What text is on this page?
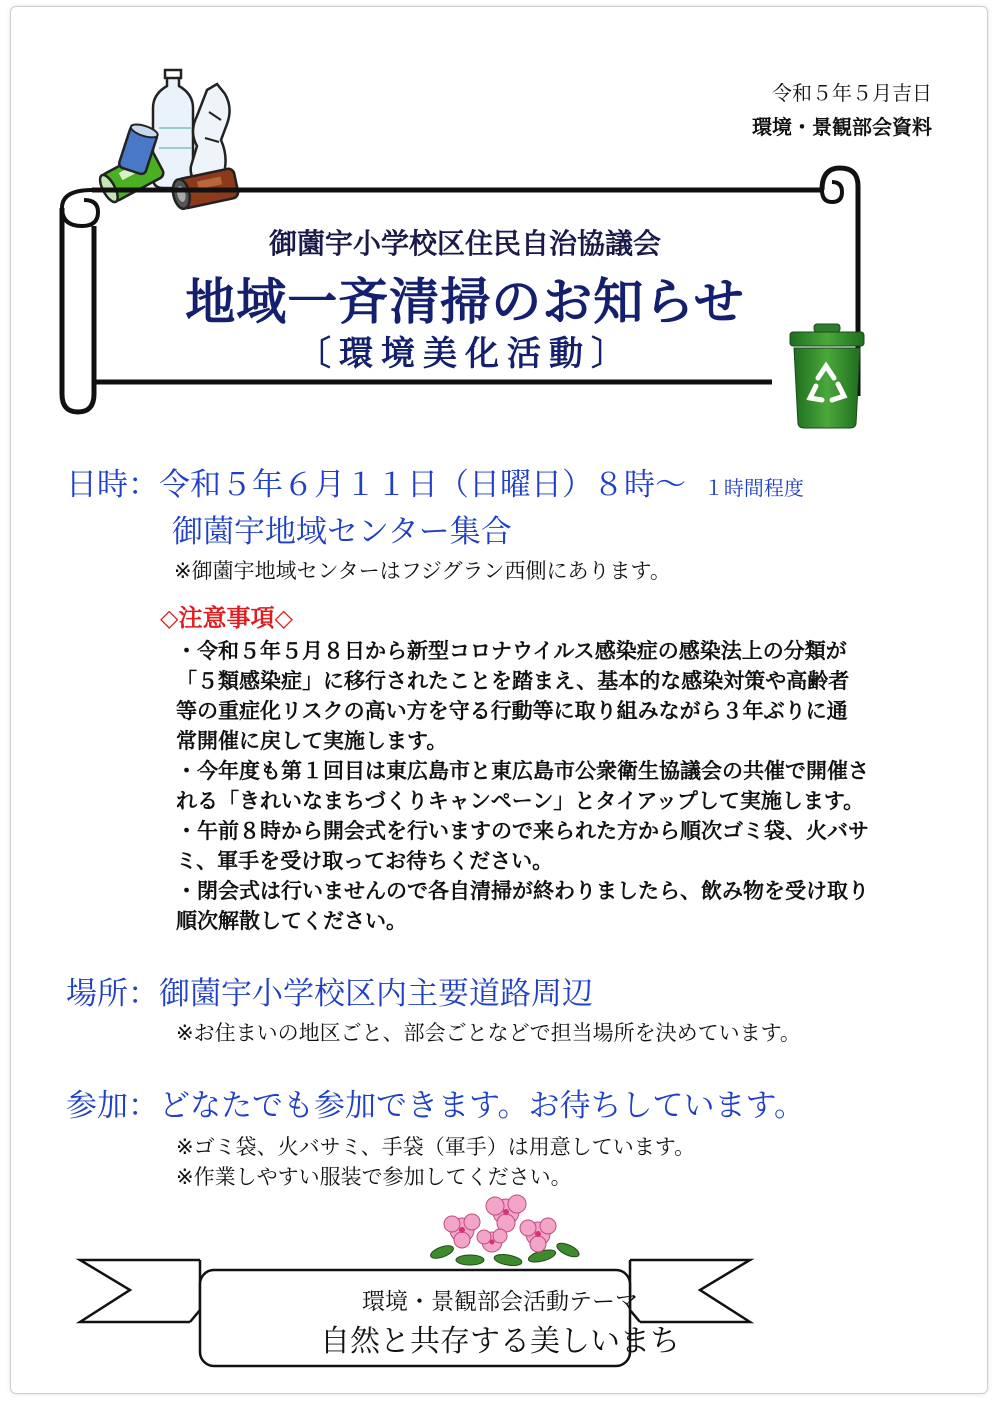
令和５年５月吉日
環境・景観部会資料
御薗宇小学校区住民自治協議会
地域一斉清掃のお知らせ
〔環境美化活動〕
日時：令和５年６月１１日（日曜日）８時〜 １時間程度
御薗宇地域センター集合
※御薗宇地域センターはフジグラン西側にあります。
◇注意事項◇

・令和５年５月８日から新型コロナウイルス感染症の感染法上の分類が

「５類感染症」に移行されたことを踏まえ、基本的な感染対策や高齢者

等の重症化リスクの高い方を守る行動等に取り組みながら３年ぶりに通

常開催に戻して実施します。

・今年度も第１回目は東広島市と東広島市公衆衛生協議会の共催で開催さ

れる「きれいなまちづくりキャンペーン」とタイアップして実施します。

・午前８時から開会式を行いますので来られた方から順次ゴミ袋、火バサ

ミ、軍手を受け取ってお待ちください。

・閉会式は行いませんので各自清掃が終わりましたら、飲み物を受け取り

順次解散してください。

場所：御薗宇小学校区内主要道路周辺
※お住まいの地区ごと、部会ごとなどで担当場所を決めています。
参加：どなたでも参加できます。お待ちしています。
※ゴミ袋、火バサミ、手袋（軍手）は用意しています。
※作業しやすい服装で参加してください。
環境・景観部会活動テーマ
自然と共存する美しいまち
